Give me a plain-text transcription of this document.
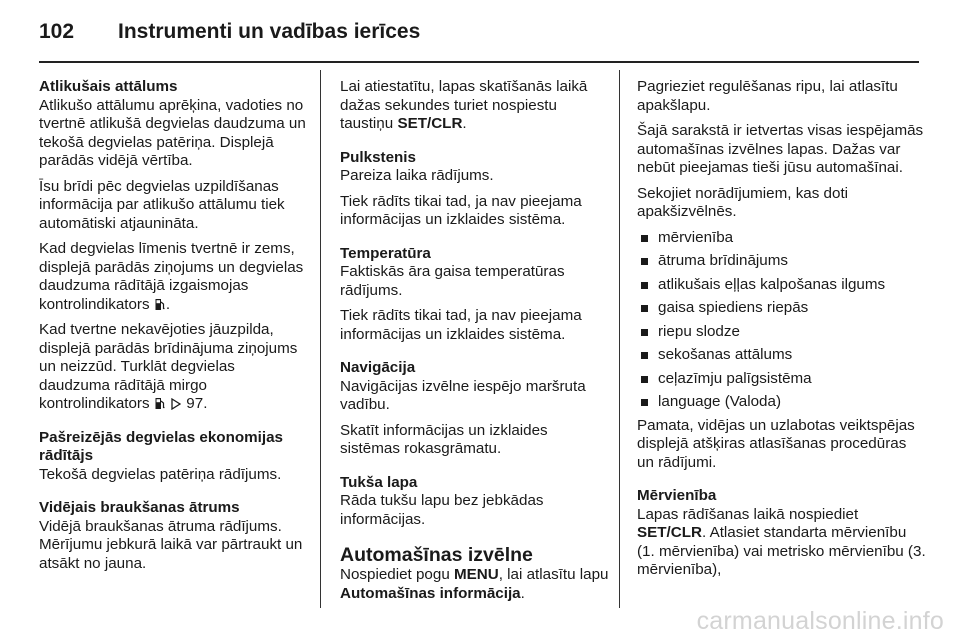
102 Instrumenti un vadības ierīces
Atlikušais attālums

Atlikušo attālumu aprēķina, vadoties no tvertnē atlikušā degvielas daudzuma un tekošā degvielas patēriņa. Displejā parādās vidējā vērtība.

Īsu brīdi pēc degvielas uzpildīšanas informācija par atlikušo attālumu tiek automātiski atjaunināta.

Kad degvielas līmenis tvertnē ir zems, displejā parādās ziņojums un degvielas daudzuma rādītājā izgaismojas kontrolindikators .

Kad tvertne nekavējoties jāuzpilda, displejā parādās brīdinājuma ziņojums un neizzūd. Turklāt degvielas daudzuma rādītājā mirgo kontrolindikators 97.

Pašreizējās degvielas ekonomijas rādītājs

Tekošā degvielas patēriņa rādījums.

Vidējais braukšanas ātrums

Vidējā braukšanas ātruma rādījums. Mērījumu jebkurā laikā var pārtraukt un atsākt no jauna.

Lai atiestatītu, lapas skatīšanās laikā dažas sekundes turiet nospiestu taustiņu SET/CLR.

Pulkstenis

Pareiza laika rādījums.

Tiek rādīts tikai tad, ja nav pieejama informācijas un izklaides sistēma.

Temperatūra

Faktiskās āra gaisa temperatūras rādījums.

Tiek rādīts tikai tad, ja nav pieejama informācijas un izklaides sistēma.

Navigācija

Navigācijas izvēlne iespējo maršruta vadību.

Skatīt informācijas un izklaides sistēmas rokasgrāmatu.

Tukša lapa

Rāda tukšu lapu bez jebkādas informācijas.

Automašīnas izvēlne

Nospiediet pogu MENU, lai atlasītu lapu Automašīnas informācija.

Pagrieziet regulēšanas ripu, lai atlasītu apakšlapu.

Šajā sarakstā ir ietvertas visas iespējamās automašīnas izvēlnes lapas. Dažas var nebūt pieejamas tieši jūsu automašīnai.

Sekojiet norādījumiem, kas doti apakšizvēlnēs.

mērvienība
ātruma brīdinājums
atlikušais eļļas kalpošanas ilgums
gaisa spiediens riepās
riepu slodze
sekošanas attālums
ceļazīmju palīgsistēma
language (Valoda)

Pamata, vidējas un uzlabotas veiktspējas displejā atšķiras atlasīšanas procedūras un rādījumi.

Mērvienība

Lapas rādīšanas laikā nospiediet SET/CLR. Atlasiet standarta mērvienību (1. mērvienība) vai metrisko mērvienību (3. mērvienība),

carmanualsonline.info
